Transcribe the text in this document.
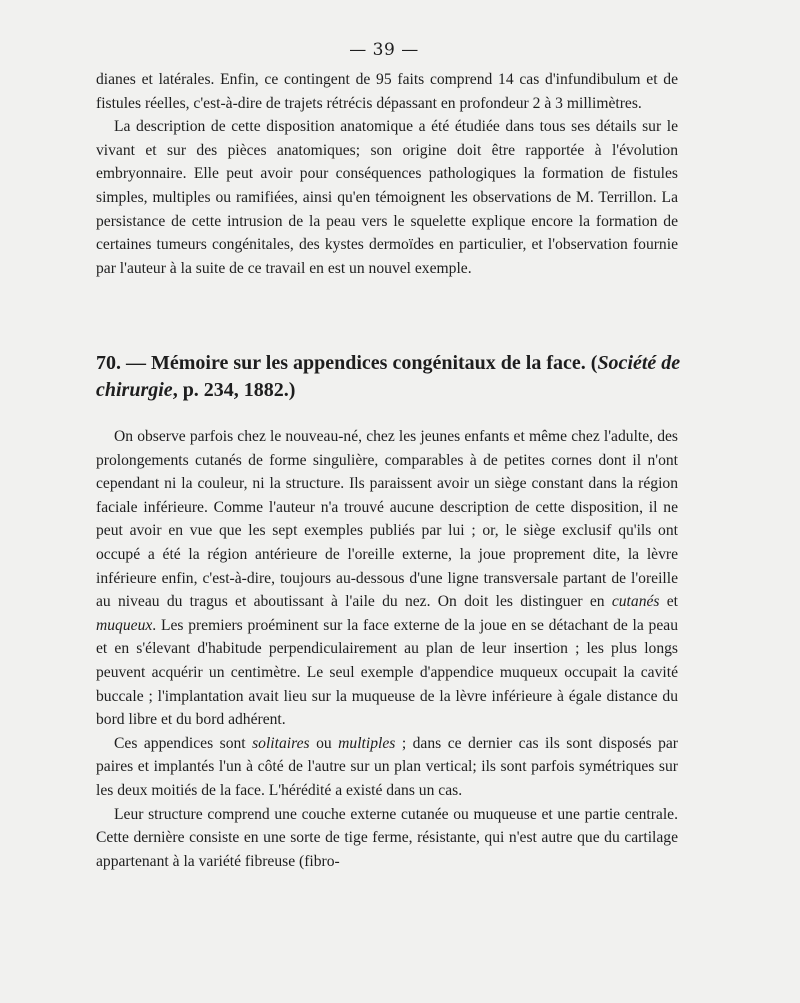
— 39 —

dianes et latérales. Enfin, ce contingent de 95 faits comprend 14 cas d'infundibulum et de fistules réelles, c'est-à-dire de trajets rétrécis dépassant en profondeur 2 à 3 millimètres.

La description de cette disposition anatomique a été étudiée dans tous ses détails sur le vivant et sur des pièces anatomiques; son origine doit être rapportée à l'évolution embryonnaire. Elle peut avoir pour conséquences pathologiques la formation de fistules simples, multiples ou ramifiées, ainsi qu'en témoignent les observations de M. Terrillon. La persistance de cette intrusion de la peau vers le squelette explique encore la formation de certaines tumeurs congénitales, des kystes dermoïdes en particulier, et l'observation fournie par l'auteur à la suite de ce travail en est un nouvel exemple.

70. — Mémoire sur les appendices congénitaux de la face. (Société de chirurgie, p. 234, 1882.)

On observe parfois chez le nouveau-né, chez les jeunes enfants et même chez l'adulte, des prolongements cutanés de forme singulière, comparables à de petites cornes dont il n'ont cependant ni la couleur, ni la structure. Ils paraissent avoir un siège constant dans la région faciale inférieure. Comme l'auteur n'a trouvé aucune description de cette disposition, il ne peut avoir en vue que les sept exemples publiés par lui ; or, le siège exclusif qu'ils ont occupé a été la région antérieure de l'oreille externe, la joue proprement dite, la lèvre inférieure enfin, c'est-à-dire, toujours au-dessous d'une ligne transversale partant de l'oreille au niveau du tragus et aboutissant à l'aile du nez. On doit les distinguer en cutanés et muqueux. Les premiers proéminent sur la face externe de la joue en se détachant de la peau et en s'élevant d'habitude perpendiculairement au plan de leur insertion ; les plus longs peuvent acquérir un centimètre. Le seul exemple d'appendice muqueux occupait la cavité buccale ; l'implantation avait lieu sur la muqueuse de la lèvre inférieure à égale distance du bord libre et du bord adhérent.

Ces appendices sont solitaires ou multiples ; dans ce dernier cas ils sont disposés par paires et implantés l'un à côté de l'autre sur un plan vertical; ils sont parfois symétriques sur les deux moitiés de la face. L'hérédité a existé dans un cas.

Leur structure comprend une couche externe cutanée ou muqueuse et une partie centrale. Cette dernière consiste en une sorte de tige ferme, résistante, qui n'est autre que du cartilage appartenant à la variété fibreuse (fibro-
